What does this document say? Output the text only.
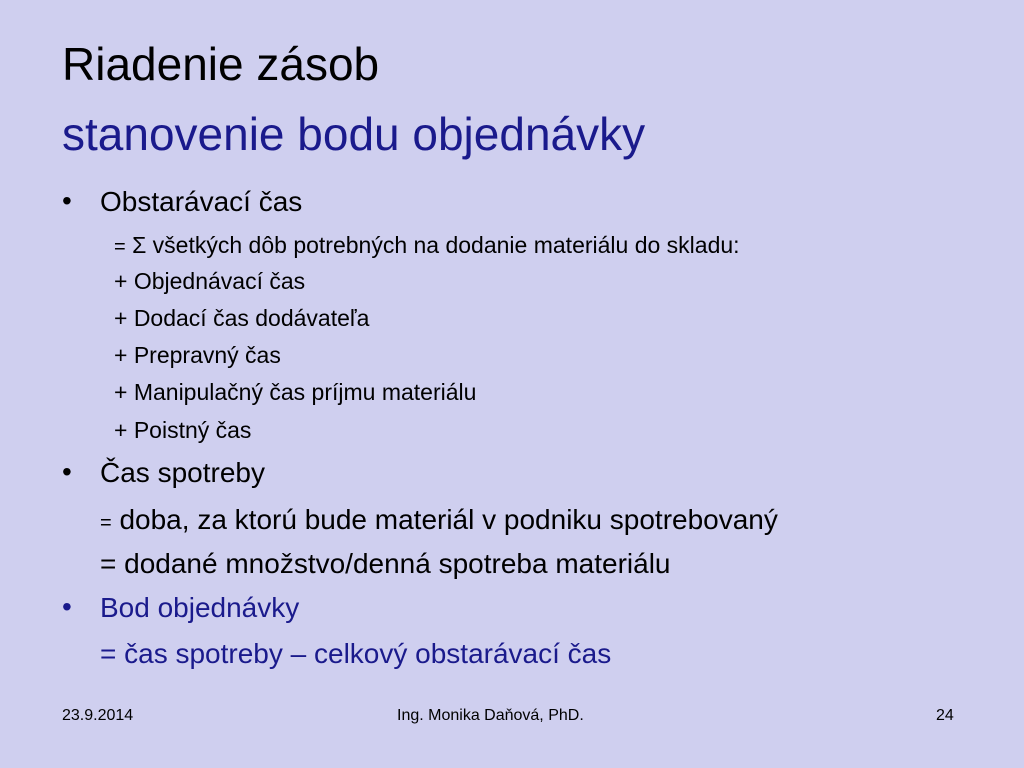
Riadenie zásob
stanovenie bodu objednávky
• Obstarávací čas
= Σ všetkých dôb potrebných na dodanie materiálu do skladu:
+ Objednávací čas
+ Dodací čas dodávateľa
+ Prepravný čas
+ Manipulačný čas príjmu materiálu
+ Poistný čas
• Čas spotreby
= doba, za ktorú bude materiál v podniku spotrebovaný
= dodané množstvo/denná spotreba materiálu
• Bod objednávky
= čas spotreby – celkový obstarávací čas
23.9.2014	Ing. Monika Daňová, PhD.	24
